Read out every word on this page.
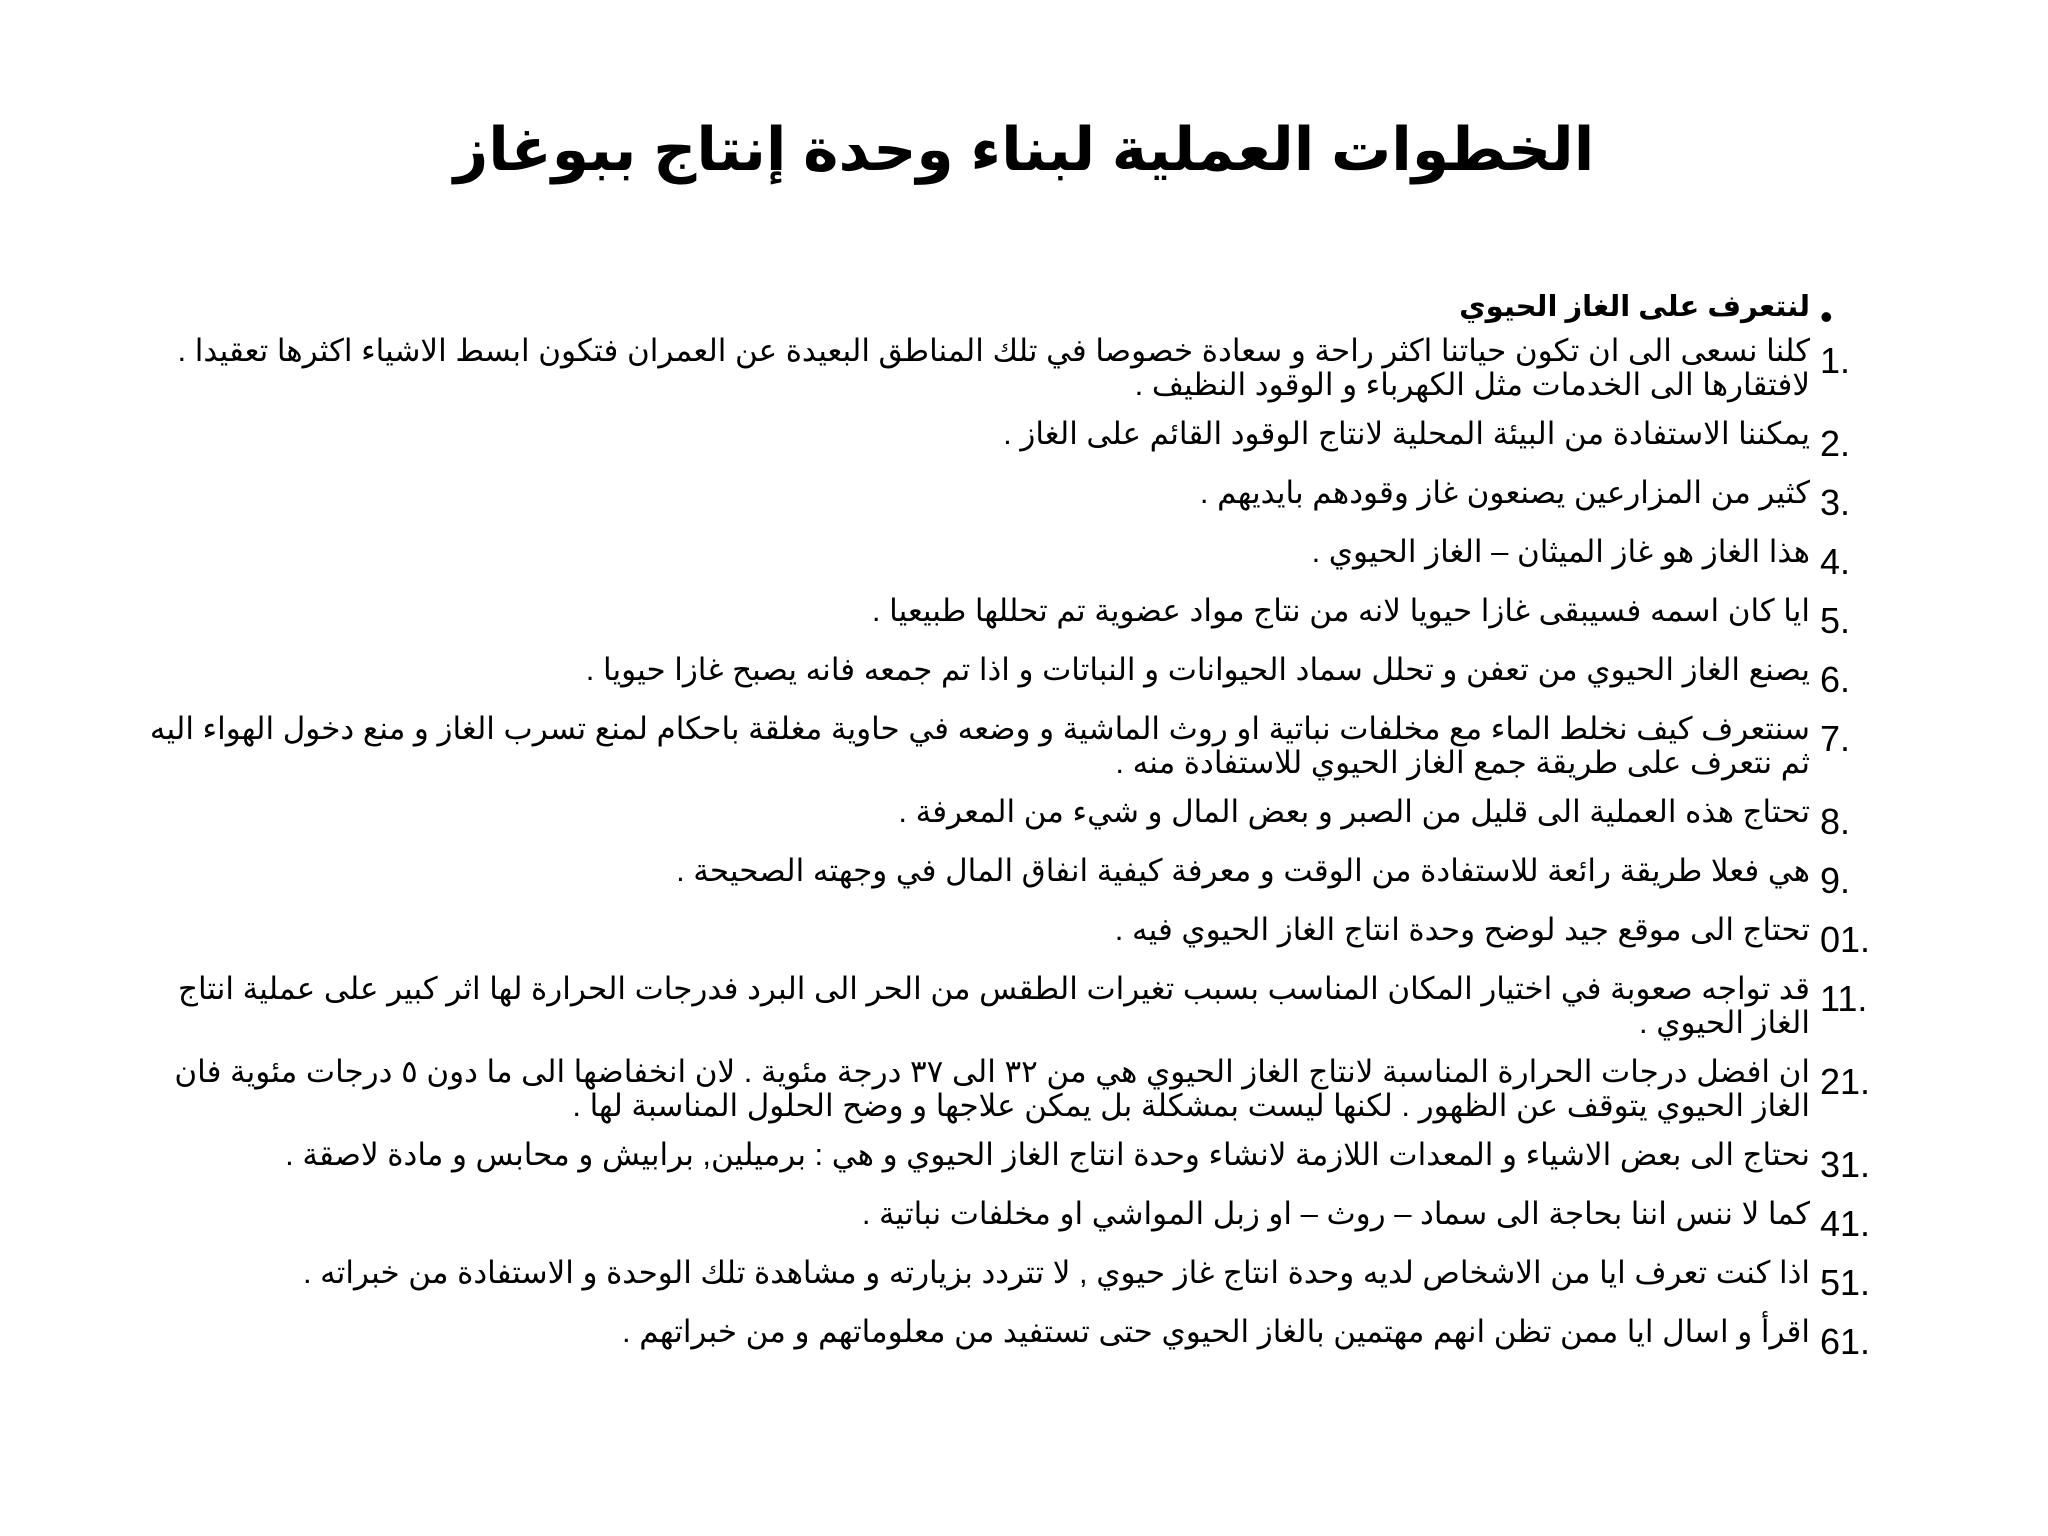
الخطوات العملية لبناء وحدة إنتاج ببوغاز
•
لنتعرف على الغاز الحيوي
1.
كلنا نسعى الى ان تكون حياتنا اكثر راحة و سعادة خصوصا في تلك المناطق البعيدة عن العمران فتكون ابسط الاشياء اكثرها تعقيدا . لافتقارها الى الخدمات مثل الكهرباء و الوقود النظيف .
2.
يمكننا الاستفادة من البيئة المحلية لانتاج الوقود القائم على الغاز .
3.
كثير من المزارعين يصنعون غاز وقودهم بايديهم .
4.
هذا الغاز هو غاز الميثان – الغاز الحيوي .
5.
ايا كان اسمه فسيبقى غازا حيويا لانه من نتاج مواد عضوية تم تحللها طبيعيا .
6.
يصنع الغاز الحيوي من تعفن و تحلل سماد الحيوانات و النباتات و اذا تم جمعه فانه يصبح غازا حيويا .
7.
سنتعرف كيف نخلط الماء مع مخلفات نباتية او روث الماشية و وضعه في حاوية مغلقة باحكام لمنع تسرب الغاز و منع دخول الهواء اليه ثم نتعرف على طريقة جمع الغاز الحيوي للاستفادة منه .
8.
تحتاج هذه العملية الى قليل من الصبر و بعض المال و شيء من المعرفة .
9.
هي فعلا طريقة رائعة للاستفادة من الوقت و معرفة كيفية انفاق المال في وجهته الصحيحة .
01.
تحتاج الى موقع جيد لوضح وحدة انتاج الغاز الحيوي فيه .
11.
قد تواجه صعوبة في اختيار المكان المناسب بسبب تغيرات الطقس من الحر الى البرد فدرجات الحرارة لها اثر كبير على عملية انتاج الغاز الحيوي .
21.
ان افضل درجات الحرارة المناسبة لانتاج الغاز الحيوي هي من ٣٢ الى ٣٧ درجة مئوية . لان انخفاضها الى ما دون ٥ درجات مئوية فان الغاز الحيوي يتوقف عن الظهور . لكنها ليست بمشكلة بل يمكن علاجها و وضح الحلول المناسبة لها .
31.
نحتاج الى بعض الاشياء و المعدات اللازمة لانشاء وحدة انتاج الغاز الحيوي و هي : برميلين, برابيش و محابس و مادة لاصقة .
41.
كما لا ننس اننا بحاجة الى سماد – روث – او زبل المواشي او مخلفات نباتية .
51.
اذا كنت تعرف ايا من الاشخاص لديه وحدة انتاج غاز حيوي , لا تتردد بزيارته و مشاهدة تلك الوحدة و الاستفادة من خبراته .
61.
اقرأ و اسال ايا ممن تظن انهم مهتمين بالغاز الحيوي حتى تستفيد من معلوماتهم و من خبراتهم .
